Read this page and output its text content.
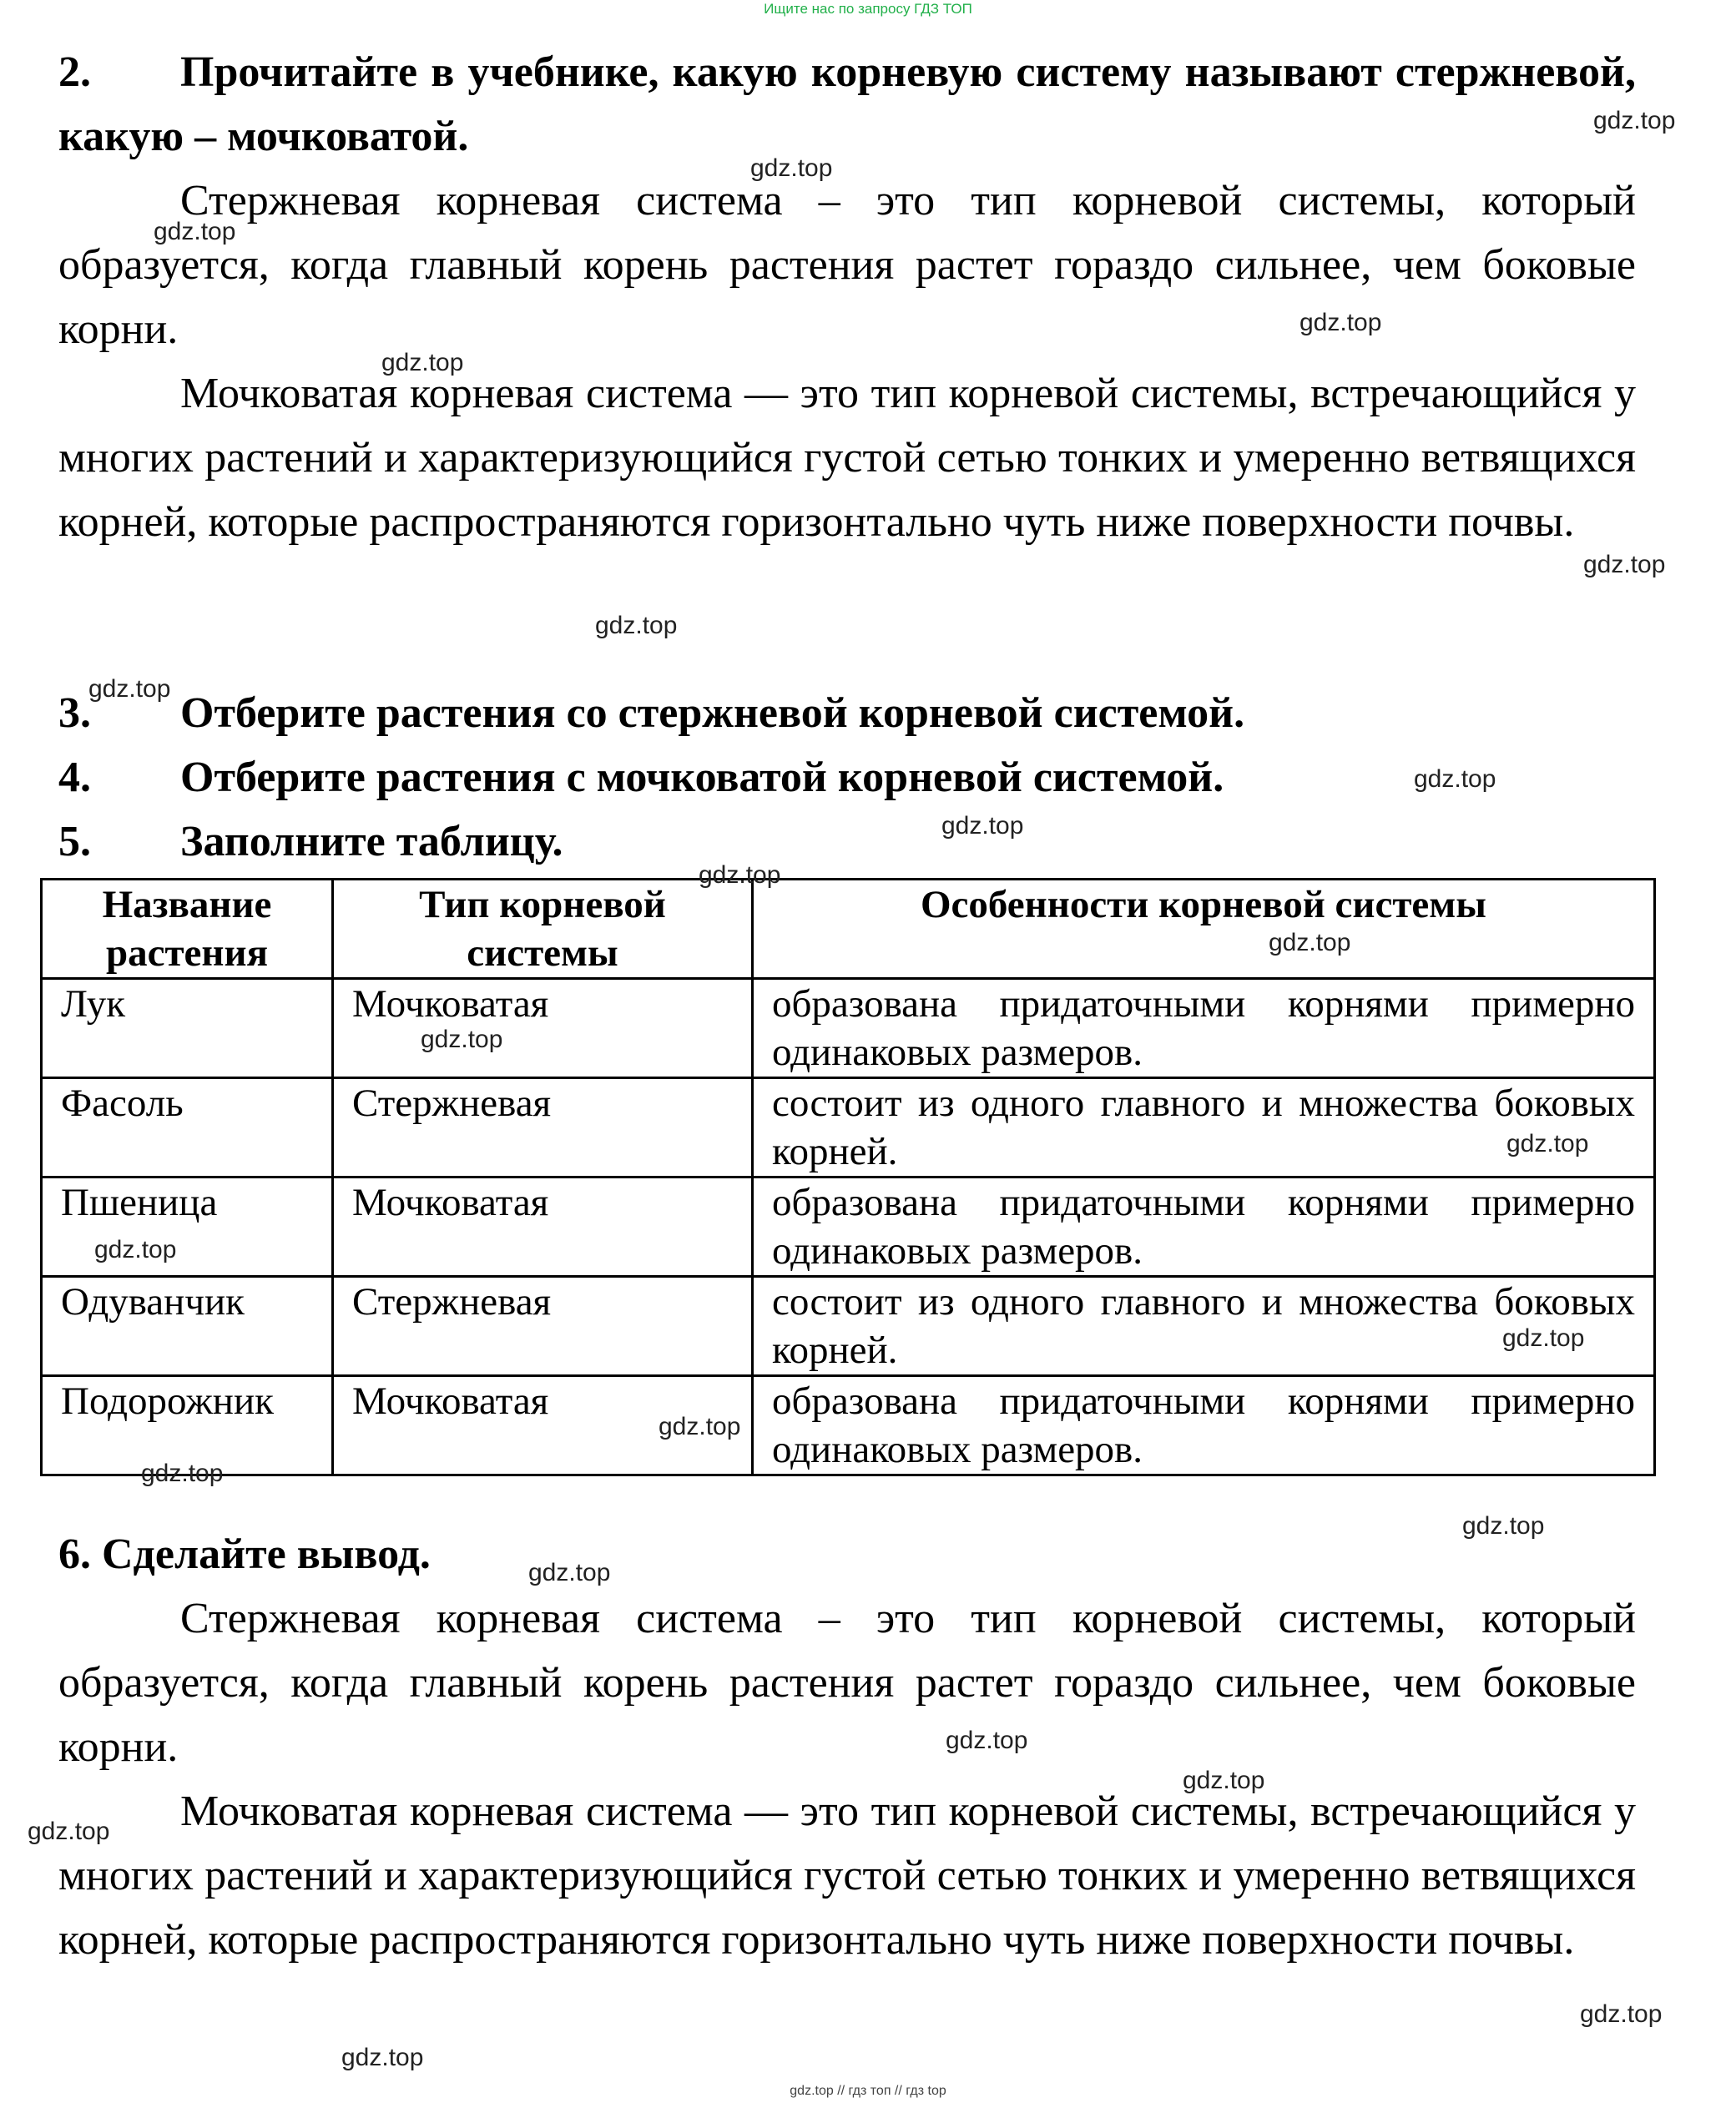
Ищите нас по запросу ГДЗ ТОП

2. Прочитайте в учебнике, какую корневую систему называют стержневой, какую – мочковатой.

Стержневая корневая система – это тип корневой системы, который образуется, когда главный корень растения растет гораздо сильнее, чем боковые корни.

Мочковатая корневая система — это тип корневой системы, встречающийся у многих растений и характеризующийся густой сетью тонких и умеренно ветвящихся корней, которые распространяются горизонтально чуть ниже поверхности почвы.

3. Отберите растения со стержневой корневой системой.

4. Отберите растения с мочковатой корневой системой.

5. Заполните таблицу.

Название растения	Тип корневой системы	Особенности корневой системы
Лук	Мочковатая	образована придаточными корнями примерно одинаковых размеров.
Фасоль	Стержневая	состоит из одного главного и множества боковых корней.
Пшеница	Мочковатая	образована придаточными корнями примерно одинаковых размеров.
Одуванчик	Стержневая	состоит из одного главного и множества боковых корней.
Подорожник	Мочковатая	образована придаточными корнями примерно одинаковых размеров.

6. Сделайте вывод.

Стержневая корневая система – это тип корневой системы, который образуется, когда главный корень растения растет гораздо сильнее, чем боковые корни.

Мочковатая корневая система — это тип корневой системы, встречающийся у многих растений и характеризующийся густой сетью тонких и умеренно ветвящихся корней, которые распространяются горизонтально чуть ниже поверхности почвы.

gdz.top
gdz.top
gdz.top
gdz.top
gdz.top
gdz.top
gdz.top
gdz.top
gdz.top
gdz.top
gdz.top
gdz.top
gdz.top
gdz.top
gdz.top
gdz.top
gdz.top
gdz.top
gdz.top
gdz.top
gdz.top
gdz.top
gdz.top
gdz.top
gdz.top
gdz.top // гдз топ // гдз top
